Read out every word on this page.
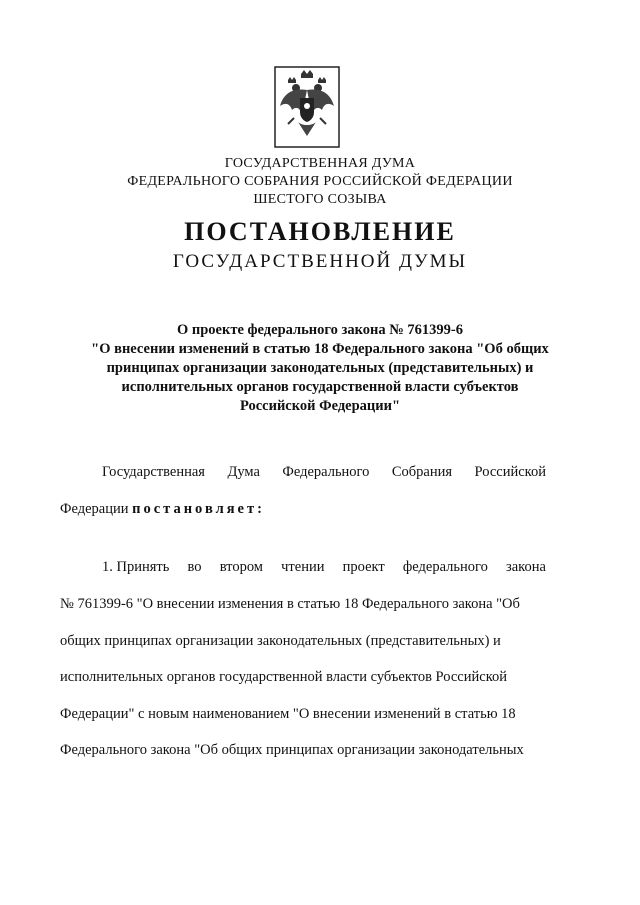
ГОСУДАРСТВЕННАЯ ДУМА
ФЕДЕРАЛЬНОГО СОБРАНИЯ РОССИЙСКОЙ ФЕДЕРАЦИИ
ШЕСТОГО СОЗЫВА
ПОСТАНОВЛЕНИЕ
ГОСУДАРСТВЕННОЙ ДУМЫ
О проекте федерального закона № 761399-6
"О внесении изменений в статью 18 Федерального закона "Об общих
принципах организации законодательных (представительных) и
исполнительных органов государственной власти субъектов
Российской Федерации"
Государственная Дума Федерального Собрания Российской
Федерации постановляет:
1. Принять во втором чтении проект федерального закона
№ 761399-6 "О внесении изменения в статью 18 Федерального закона "Об
общих принципах организации законодательных (представительных) и
исполнительных органов государственной власти субъектов Российской
Федерации" с новым наименованием "О внесении изменений в статью 18
Федерального закона "Об общих принципах организации законодательных
